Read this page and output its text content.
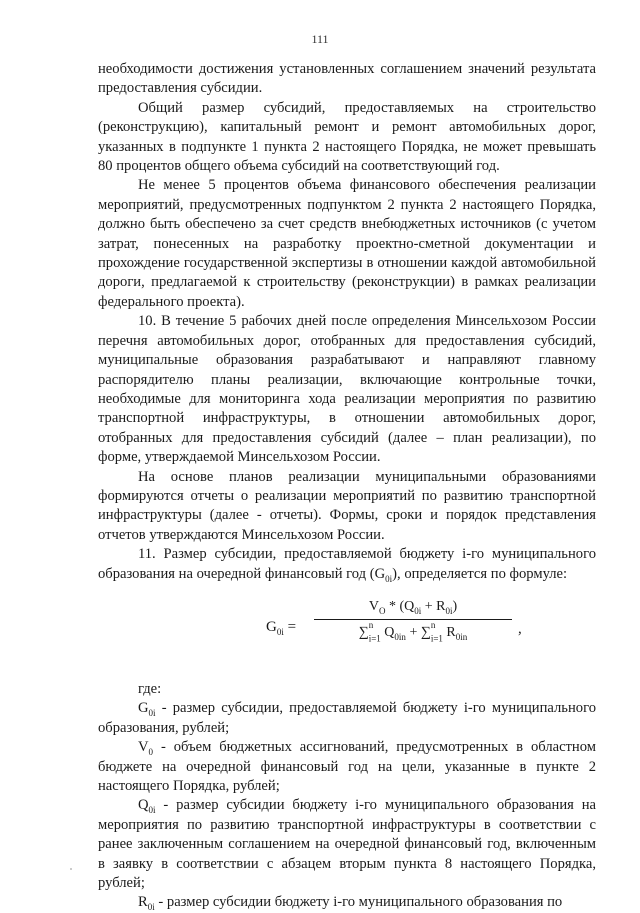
111

необходимости достижения установленных соглашением значений результата предоставления субсидии.

Общий размер субсидий, предоставляемых на строительство (реконструкцию), капитальный ремонт и ремонт автомобильных дорог, указанных в подпункте 1 пункта 2 настоящего Порядка, не может превышать 80 процентов общего объема субсидий на соответствующий год.

Не менее 5 процентов объема финансового обеспечения реализации мероприятий, предусмотренных подпунктом 2 пункта 2 настоящего Порядка, должно быть обеспечено за счет средств внебюджетных источников (с учетом затрат, понесенных на разработку проектно-сметной документации и прохождение государственной экспертизы в отношении каждой автомобильной дороги, предлагаемой к строительству (реконструкции) в рамках реализации федерального проекта).

10. В течение 5 рабочих дней после определения Минсельхозом России перечня автомобильных дорог, отобранных для предоставления субсидий, муниципальные образования разрабатывают и направляют главному распорядителю планы реализации, включающие контрольные точки, необходимые для мониторинга хода реализации мероприятия по развитию транспортной инфраструктуры, в отношении автомобильных дорог, отобранных для предоставления субсидий (далее – план реализации), по форме, утверждаемой Минсельхозом России.

На основе планов реализации муниципальными образованиями формируются отчеты о реализации мероприятий по развитию транспортной инфраструктуры (далее - отчеты). Формы, сроки и порядок представления отчетов утверждаются Минсельхозом России.

11. Размер субсидии, предоставляемой бюджету i-го муниципального образования на очередной финансовый год $(G_{0i})$, определяется по формуле:

$G_{0i}$ =
$V_O * (Q_{0i} + R_{0i})$
∑$^n$
$_{i=1}$ $Q_{0in} + \sum^n$
$_{i=1}$ $R_{0in}$
,

где:

$G_{0i}$ - размер субсидии, предоставляемой бюджету i-го муниципального образования, рублей;

$V_0$ - объем бюджетных ассигнований, предусмотренных в областном бюджете на очередной финансовый год на цели, указанные в пункте 2 настоящего Порядка, рублей;

$Q_{0i}$ - размер субсидии бюджету i-го муниципального образования на мероприятия по развитию транспортной инфраструктуры в соответствии с ранее заключенным соглашением на очередной финансовый год, включенным в заявку в соответствии с абзацем вторым пункта 8 настоящего Порядка, рублей;

$R_{0i}$ - размер субсидии бюджету i-го муниципального образования по
